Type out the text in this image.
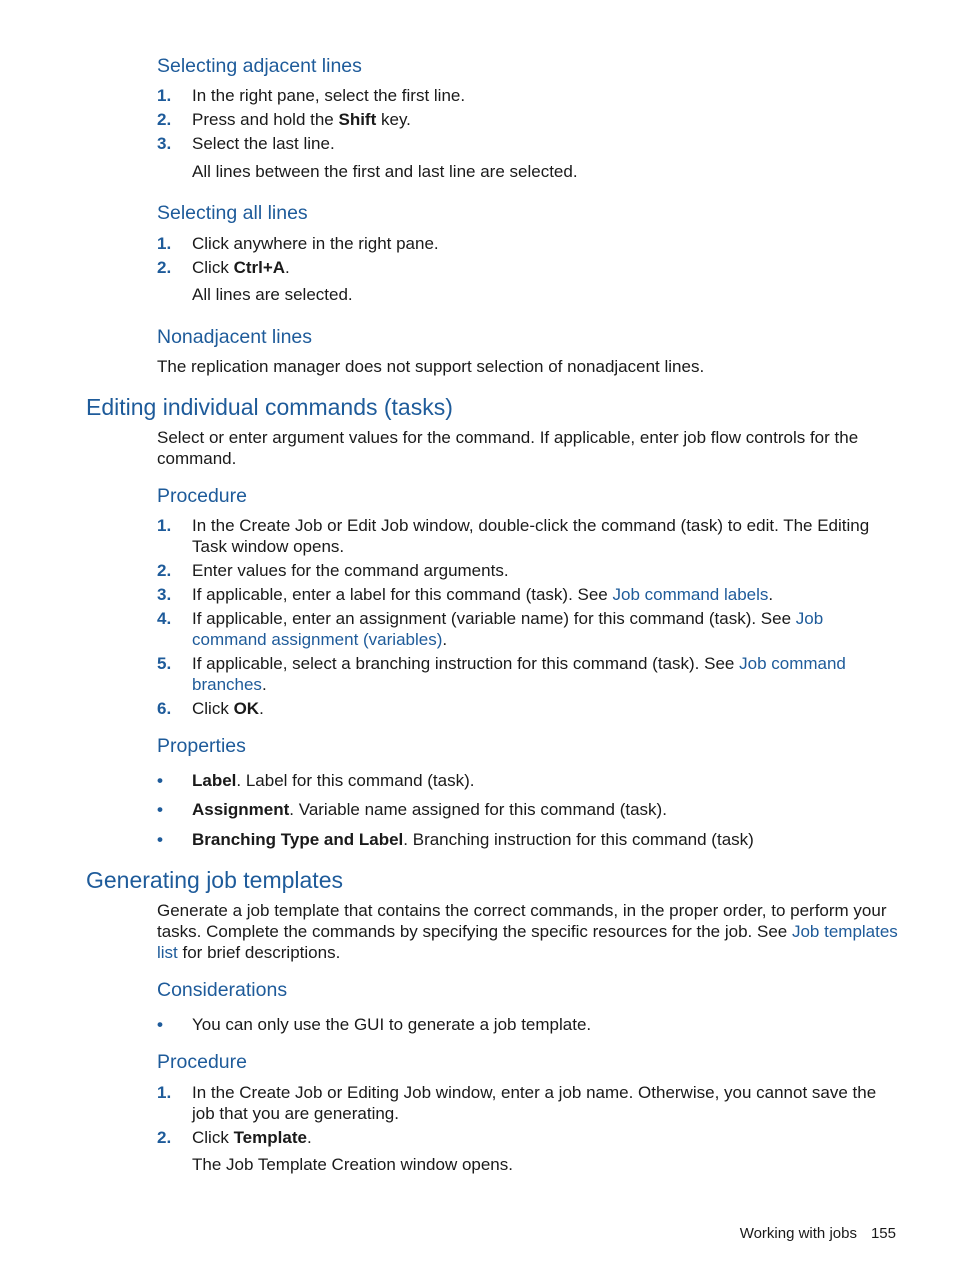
Selecting adjacent lines
1. In the right pane, select the first line.
2. Press and hold the Shift key.
3. Select the last line.
All lines between the first and last line are selected.
Selecting all lines
1. Click anywhere in the right pane.
2. Click Ctrl+A.
All lines are selected.
Nonadjacent lines
The replication manager does not support selection of nonadjacent lines.
Editing individual commands (tasks)
Select or enter argument values for the command. If applicable, enter job flow controls for the command.
Procedure
1. In the Create Job or Edit Job window, double-click the command (task) to edit. The Editing Task window opens.
2. Enter values for the command arguments.
3. If applicable, enter a label for this command (task). See Job command labels.
4. If applicable, enter an assignment (variable name) for this command (task). See Job command assignment (variables).
5. If applicable, select a branching instruction for this command (task). See Job command branches.
6. Click OK.
Properties
• Label. Label for this command (task).
• Assignment. Variable name assigned for this command (task).
• Branching Type and Label. Branching instruction for this command (task)
Generating job templates
Generate a job template that contains the correct commands, in the proper order, to perform your tasks. Complete the commands by specifying the specific resources for the job. See Job templates list for brief descriptions.
Considerations
• You can only use the GUI to generate a job template.
Procedure
1. In the Create Job or Editing Job window, enter a job name. Otherwise, you cannot save the job that you are generating.
2. Click Template.
The Job Template Creation window opens.
Working with jobs 155
